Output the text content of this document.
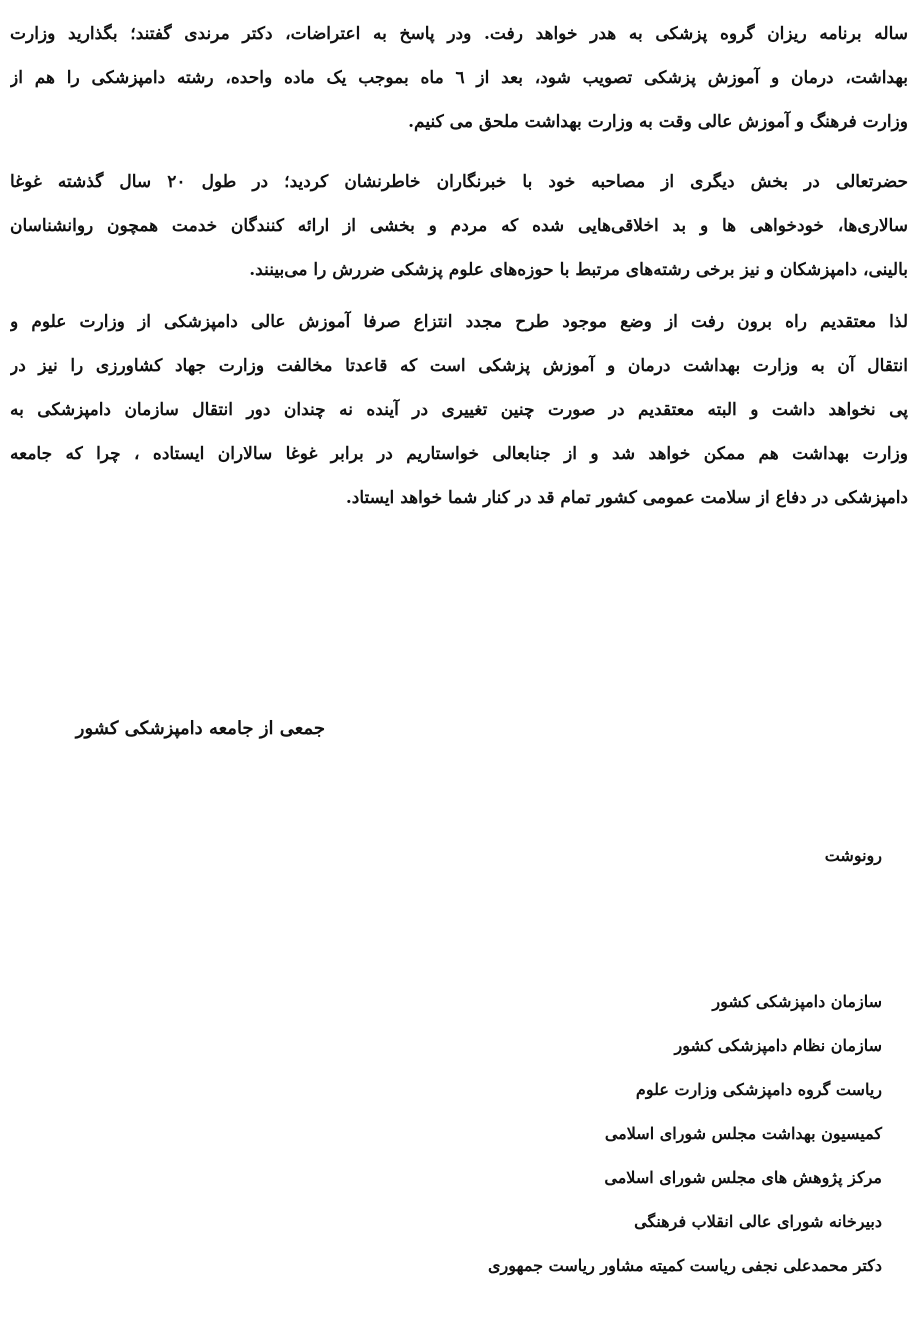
ساله برنامه ریزان گروه پزشکی به هدر خواهد رفت. ودر پاسخ به اعتراضات، دکتر مرندی گفتند؛ بگذارید وزارت
بهداشت، درمان و آموزش پزشکی تصویب شود، بعد از ٦ ماه بموجب یک ماده واحده، رشته دامپزشکی را هم از
وزارت فرهنگ و آموزش عالی وقت به وزارت بهداشت ملحق می کنیم.
حضرتعالی در بخش دیگری از مصاحبه خود با خبرنگاران خاطرنشان کردید؛ در طول ٢٠ سال گذشته غوغا
سالاری‌ها، خودخواهی ها و بد اخلاقی‌هایی شده که مردم و بخشی از ارائه کنندگان خدمت همچون روانشناسان
بالینی، دامپزشکان و نیز برخی رشته‌های مرتبط با حوزه‌های علوم پزشکی ضررش را می‌بینند.
لذا معتقدیم راه برون رفت از وضع موجود طرح مجدد انتزاع صرفا آموزش عالی دامپزشکی از وزارت علوم و
انتقال آن به وزارت بهداشت درمان و آموزش پزشکی است که قاعدتا مخالفت وزارت جهاد کشاورزی را نیز در
پی نخواهد داشت و البته معتقدیم در صورت چنین تغییری در آینده نه چندان دور انتقال سازمان دامپزشکی به
وزارت بهداشت هم ممکن خواهد شد و از جنابعالی خواستاریم در برابر غوغا سالاران ایستاده ، چرا که جامعه
دامپزشکی در دفاع از سلامت عمومی کشور تمام قد در کنار شما خواهد ایستاد.
جمعی از جامعه دامپزشکی کشور
رونوشت
سازمان دامپزشکی کشور
سازمان نظام دامپزشکی کشور
ریاست گروه دامپزشکی وزارت علوم
کمیسیون بهداشت مجلس شورای اسلامی
مرکز پژوهش های مجلس شورای اسلامی
دبیرخانه شورای عالی انقلاب فرهنگی
دکتر محمدعلی نجفی ریاست کمیته مشاور ریاست جمهوری
